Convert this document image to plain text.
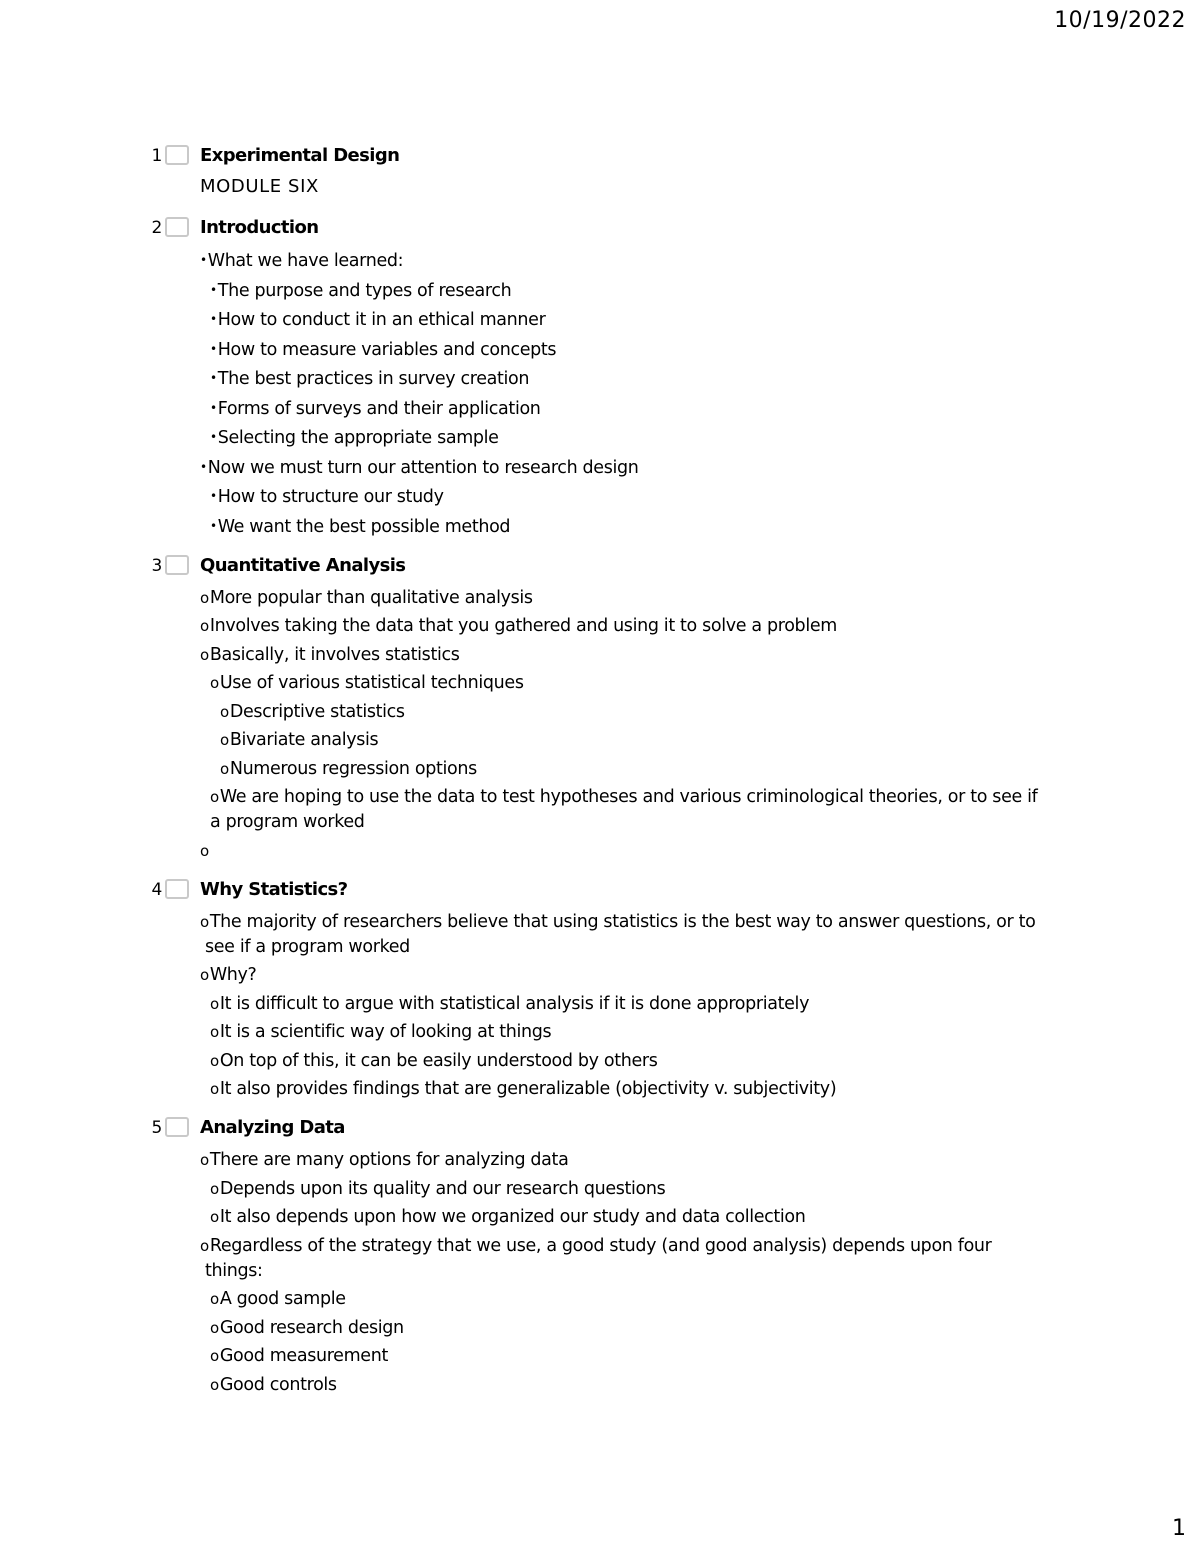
10/19/2022
1 Experimental Design
MODULE SIX
2 Introduction
•What we have learned:
•The purpose and types of research
•How to conduct it in an ethical manner
•How to measure variables and concepts
•The best practices in survey creation
•Forms of surveys and their application
•Selecting the appropriate sample
•Now we must turn our attention to research design
•How to structure our study
•We want the best possible method
3 Quantitative Analysis
oMore popular than qualitative analysis
oInvolves taking the data that you gathered and using it to solve a problem
oBasically, it involves statistics
oUse of various statistical techniques
oDescriptive statistics
oBivariate analysis
oNumerous regression options
oWe are hoping to use the data to test hypotheses and various criminological theories, or to see if
a program worked
o
4 Why Statistics?
oThe majority of researchers believe that using statistics is the best way to answer questions, or to
see if a program worked
oWhy?
oIt is difficult to argue with statistical analysis if it is done appropriately
oIt is a scientific way of looking at things
oOn top of this, it can be easily understood by others
oIt also provides findings that are generalizable (objectivity v. subjectivity)
5 Analyzing Data
oThere are many options for analyzing data
oDepends upon its quality and our research questions
oIt also depends upon how we organized our study and data collection
oRegardless of the strategy that we use, a good study (and good analysis) depends upon four
things:
oA good sample
oGood research design
oGood measurement
oGood controls
1
